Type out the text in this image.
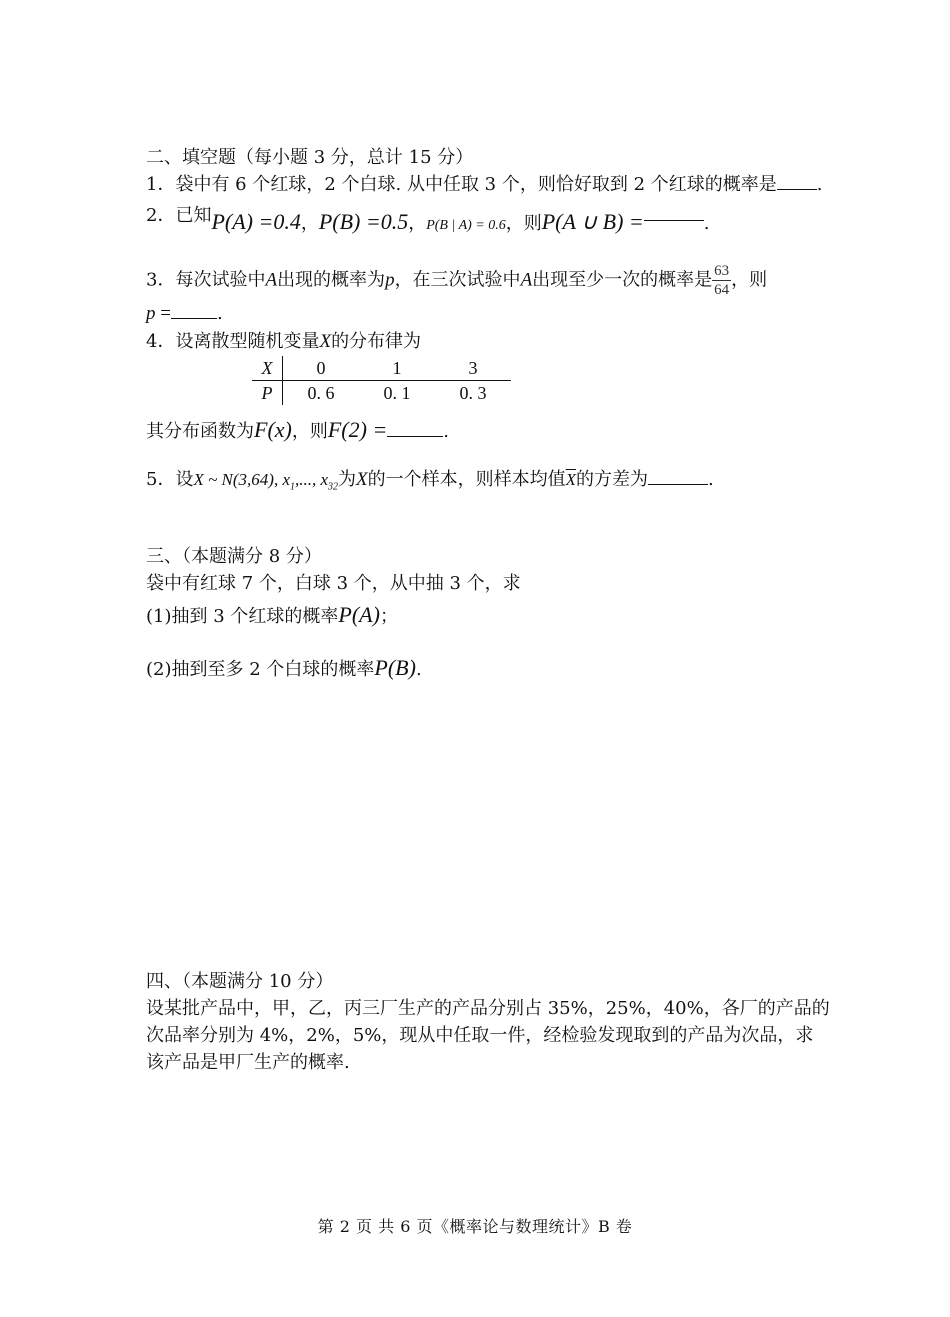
二、填空题（每小题 3 分，总计 15 分）
1．袋中有 6 个红球，2 个白球. 从中任取 3 个，则恰好取到 2 个红球的概率是 .
2．已知P(A) =0.4，P(B) =0.5，P(B | A) = 0.6，则P(A ∪ B) =	.
3．每次试验中A出现的概率为p，在三次试验中A出现至少一次的概率是 $\frac{63}{64}$ ，则
p =	.
4．设离散型随机变量X的分布律为
X	0	1	3
P	0. 6	0. 1	0. 3
其分布函数为F(x)，则F(2) =	.
5．设X ~ N(3,64), $x_1$,..., $x_{32}$为X的一个样本，则样本均值$\overline{X}$的方差为	.
三、（本题满分 8 分）
袋中有红球 7 个，白球 3 个，从中抽 3 个，求
(1)抽到 3 个红球的概率P(A)；
(2)抽到至多 2 个白球的概率P(B).
四、（本题满分 10 分）
设某批产品中，甲，乙，丙三厂生产的产品分别占 35%，25%，40%，各厂的产品的
次品率分别为 4%，2%，5%，现从中任取一件，经检验发现取到的产品为次品，求
该产品是甲厂生产的概率.
第 2 页 共 6 页《概率论与数理统计》B 卷
